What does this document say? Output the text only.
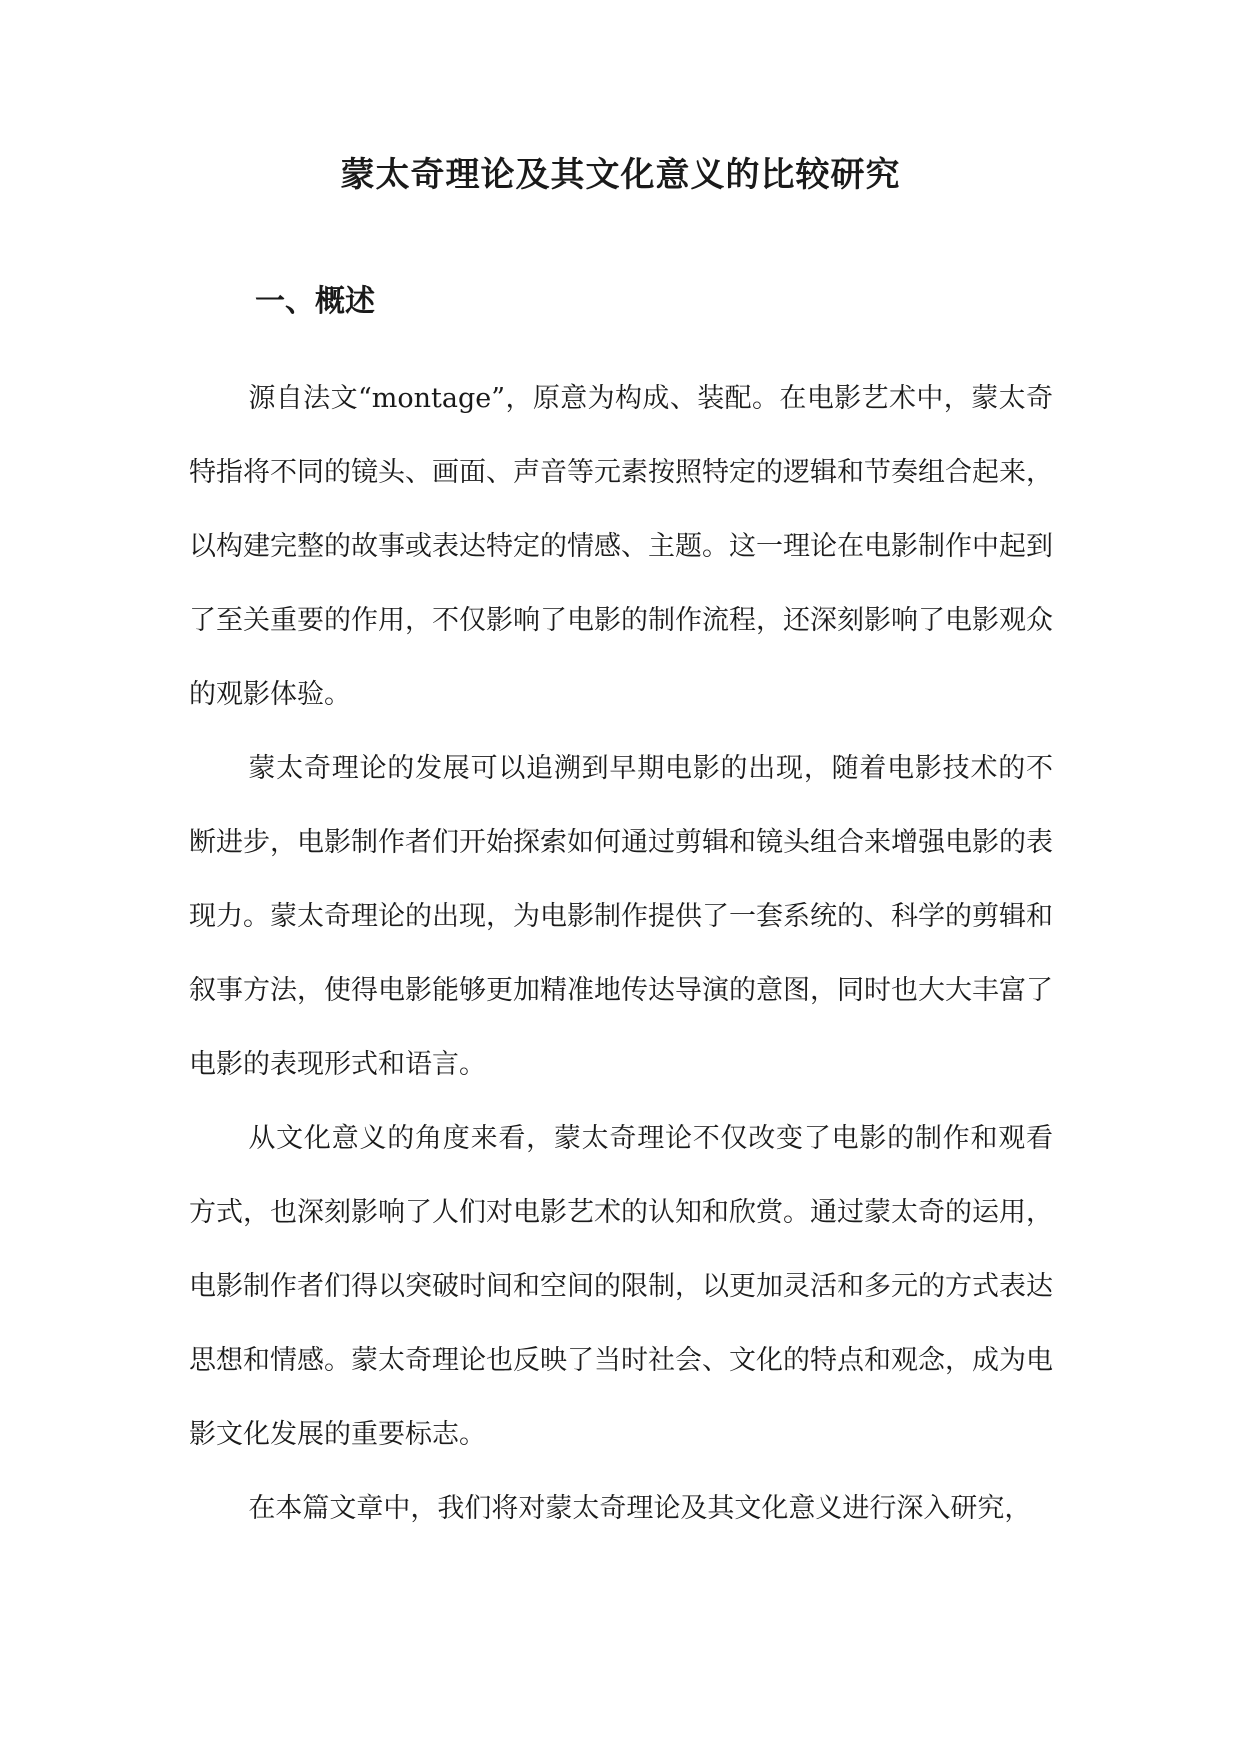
蒙太奇理论及其文化意义的比较研究
一、概述

源自法文“montage”，原意为构成、装配。在电影艺术中，蒙太奇特指将不同的镜头、画面、声音等元素按照特定的逻辑和节奏组合起来，以构建完整的故事或表达特定的情感、主题。这一理论在电影制作中起到了至关重要的作用，不仅影响了电影的制作流程，还深刻影响了电影观众的观影体验。

蒙太奇理论的发展可以追溯到早期电影的出现，随着电影技术的不断进步，电影制作者们开始探索如何通过剪辑和镜头组合来增强电影的表现力。蒙太奇理论的出现，为电影制作提供了一套系统的、科学的剪辑和叙事方法，使得电影能够更加精准地传达导演的意图，同时也大大丰富了电影的表现形式和语言。

从文化意义的角度来看，蒙太奇理论不仅改变了电影的制作和观看方式，也深刻影响了人们对电影艺术的认知和欣赏。通过蒙太奇的运用，电影制作者们得以突破时间和空间的限制，以更加灵活和多元的方式表达思想和情感。蒙太奇理论也反映了当时社会、文化的特点和观念，成为电影文化发展的重要标志。

在本篇文章中，我们将对蒙太奇理论及其文化意义进行深入研究，
